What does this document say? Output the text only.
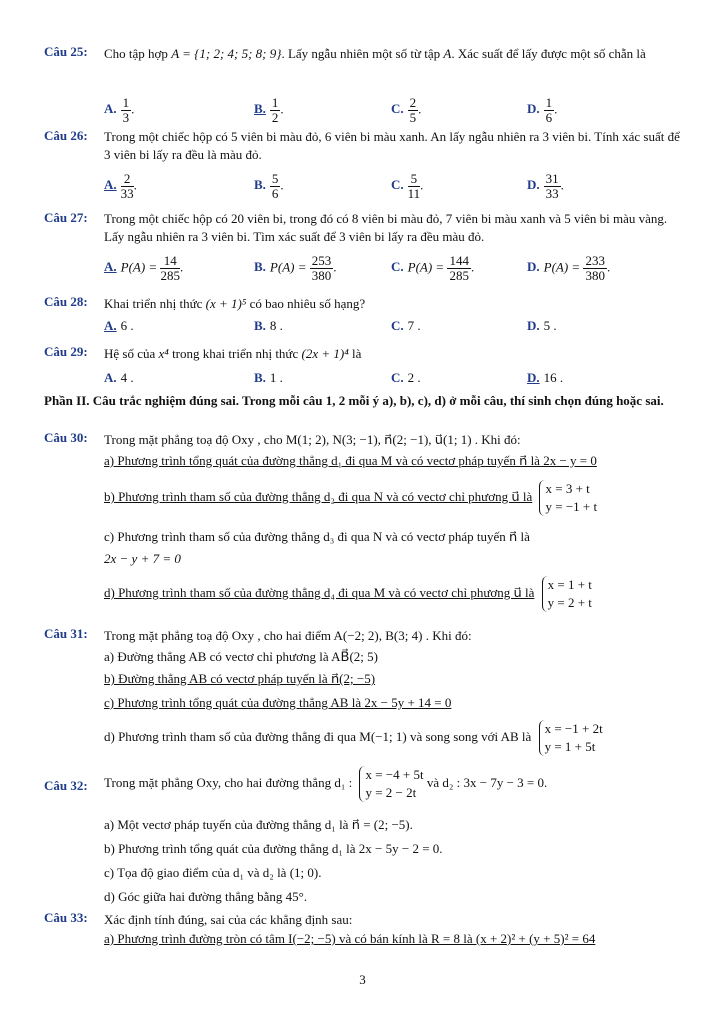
Câu 25: Cho tập hợp A = {1; 2; 4; 5; 8; 9}. Lấy ngẫu nhiên một số từ tập A. Xác suất để lấy được một số chẵn là
A. $\frac{1}{3}$ .	B. $\frac{1}{2}$ .	C. $\frac{2}{5}$ .	D. $\frac{1}{6}$ .
Câu 26: Trong một chiếc hộp có 5 viên bi màu đỏ, 6 viên bi màu xanh. An lấy ngẫu nhiên ra 3 viên bi. Tính xác suất để 3 viên bi lấy ra đều là màu đỏ.
A. $\frac{2}{33}$ .	B. $\frac{5}{6}$ .	C. $\frac{5}{11}$ .	D. $\frac{31}{33}$ .
Câu 27: Trong một chiếc hộp có 20 viên bi, trong đó có 8 viên bi màu đỏ, 7 viên bi màu xanh và 5 viên bi màu vàng. Lấy ngẫu nhiên ra 3 viên bi. Tìm xác suất để 3 viên bi lấy ra đều màu đỏ.
A. $P(A) = \frac{14}{285}$ .	B. $P(A) = \frac{253}{380}$ .	C. $P(A) = \frac{144}{285}$ .	D. $P(A) = \frac{233}{380}$ .
Câu 28: Khai triển nhị thức (x + 1)⁵ có bao nhiêu số hạng?
A. 6 .	B. 8 .	C. 7 .	D. 5 .
Câu 29: Hệ số của x⁴ trong khai triển nhị thức (2x + 1)⁴ là
A. 4 .	B. 1 .	C. 2 .	D. 16 .
Phần II. Câu trắc nghiệm đúng sai. Trong mỗi câu 1, 2 mỗi ý a), b), c), d) ở mỗi câu, thí sinh chọn đúng hoặc sai.
Câu 30: Trong mặt phẳng toạ độ Oxy , cho M(1; 2), N(3; −1), n⃗(2; −1), u⃗(1; 1) . Khi đó:
a) Phương trình tổng quát của đường thẳng d₁ đi qua M và có vectơ pháp tuyến n⃗ là 2x − y = 0
b) Phương trình tham số của đường thẳng d₂ đi qua N và có vectơ chỉ phương u⃗ là
x = 3 + t
y = −1 + t
c) Phương trình tham số của đường thẳng d₃ đi qua N và có vectơ pháp tuyến n⃗ là
2x − y + 7 = 0
d) Phương trình tham số của đường thẳng d₄ đi qua M và có vectơ chỉ phương u⃗ là
x = 1 + t
y = 2 + t
Câu 31: Trong mặt phẳng toạ độ Oxy , cho hai điểm A(−2; 2), B(3; 4) . Khi đó:
a) Đường thẳng AB có vectơ chỉ phương là AB⃗(2; 5)
b) Đường thẳng AB có vectơ pháp tuyến là n⃗(2; −5)
c) Phương trình tổng quát của đường thẳng AB là 2x − 5y + 14 = 0
d) Phương trình tham số của đường thẳng đi qua M(−1; 1) và song song với AB là
x = −1 + 2t
y = 1 + 5t
Câu 32: Trong mặt phẳng Oxy, cho hai đường thẳng d₁ :
x = −4 + 5t
y = 2 − 2t
và d₂ : 3x − 7y − 3 = 0.
a) Một vectơ pháp tuyến của đường thẳng d₁ là n⃗ = (2; −5).
b) Phương trình tổng quát của đường thẳng d₁ là 2x − 5y − 2 = 0.
c) Tọa độ giao điểm của d₁ và d₂ là (1; 0).
d) Góc giữa hai đường thẳng bằng 45°.
Câu 33: Xác định tính đúng, sai của các khẳng định sau:
a) Phương trình đường tròn có tâm I(−2; −5) và có bán kính là R = 8 là (x + 2)² + (y + 5)² = 64
3
